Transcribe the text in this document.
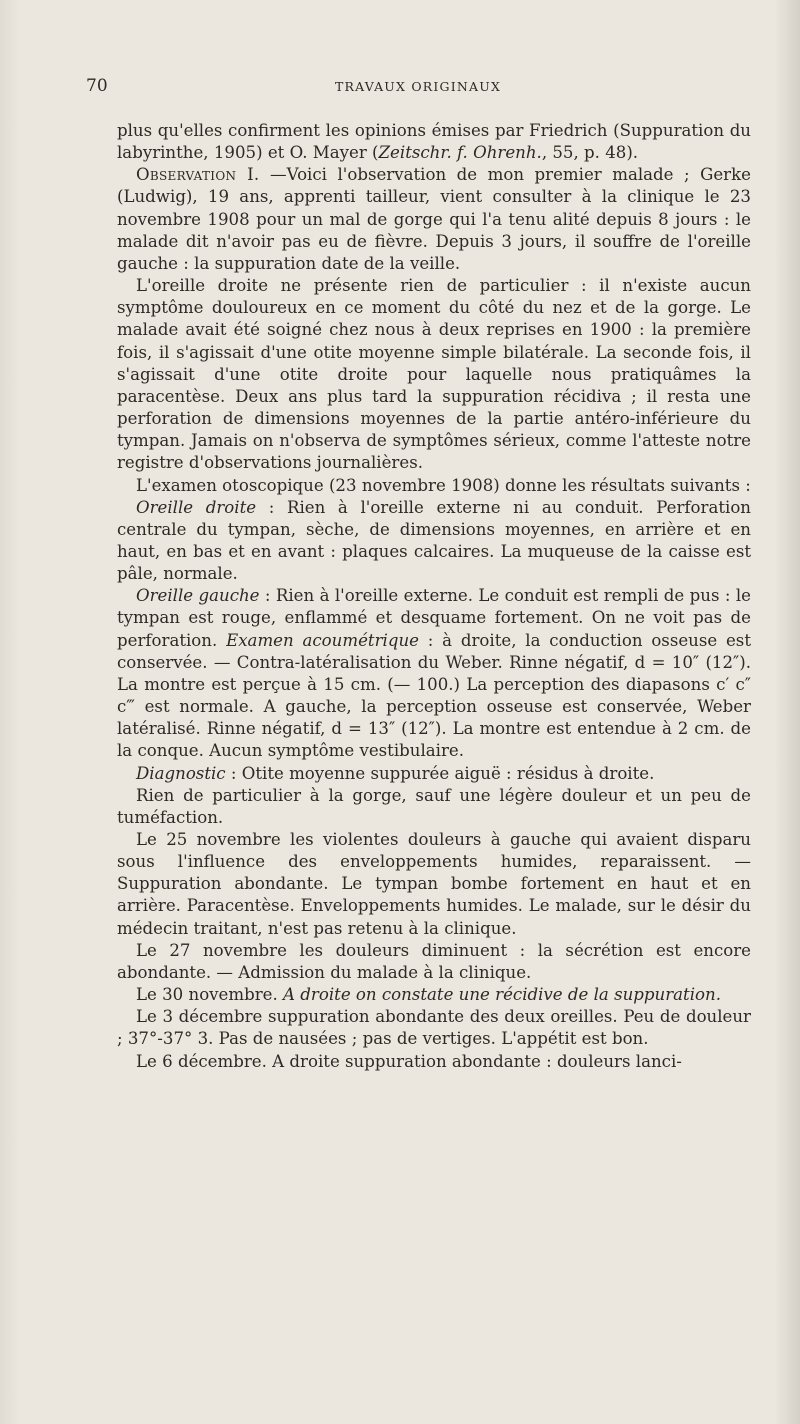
70	TRAVAUX ORIGINAUX

plus qu'elles confirment les opinions émises par Friedrich (Suppuration du labyrinthe, 1905) et O. Mayer (Zeitschr. f. Ohrenh., 55, p. 48).

Observation I. —Voici l'observation de mon premier malade ; Gerke (Ludwig), 19 ans, apprenti tailleur, vient consulter à la clinique le 23 novembre 1908 pour un mal de gorge qui l'a tenu alité depuis 8 jours : le malade dit n'avoir pas eu de fièvre. Depuis 3 jours, il souffre de l'oreille gauche : la suppuration date de la veille.

L'oreille droite ne présente rien de particulier : il n'existe aucun symptôme douloureux en ce moment du côté du nez et de la gorge. Le malade avait été soigné chez nous à deux reprises en 1900 : la première fois, il s'agissait d'une otite moyenne simple bilatérale. La seconde fois, il s'agissait d'une otite droite pour laquelle nous pratiquâmes la paracentèse. Deux ans plus tard la suppuration récidiva ; il resta une perforation de dimensions moyennes de la partie antéro-inférieure du tympan. Jamais on n'observa de symptômes sérieux, comme l'atteste notre registre d'observations journalières.

L'examen otoscopique (23 novembre 1908) donne les résultats suivants :

Oreille droite : Rien à l'oreille externe ni au conduit. Perforation centrale du tympan, sèche, de dimensions moyennes, en arrière et en haut, en bas et en avant : plaques calcaires. La muqueuse de la caisse est pâle, normale.

Oreille gauche : Rien à l'oreille externe. Le conduit est rempli de pus : le tympan est rouge, enflammé et desquame fortement. On ne voit pas de perforation. Examen acoumétrique : à droite, la conduction osseuse est conservée. — Contra-latéralisation du Weber. Rinne négatif, d = 10″ (12″). La montre est perçue à 15 cm. (— 100.) La perception des diapasons c′ c″ c‴ est normale. A gauche, la perception osseuse est conservée, Weber latéralisé. Rinne négatif, d = 13″ (12″). La montre est entendue à 2 cm. de la conque. Aucun symptôme vestibulaire.

Diagnostic : Otite moyenne suppurée aiguë : résidus à droite.

Rien de particulier à la gorge, sauf une légère douleur et un peu de tuméfaction.

Le 25 novembre les violentes douleurs à gauche qui avaient disparu sous l'influence des enveloppements humides, reparaissent. — Suppuration abondante. Le tympan bombe fortement en haut et en arrière. Paracentèse. Enveloppements humides. Le malade, sur le désir du médecin traitant, n'est pas retenu à la clinique.

Le 27 novembre les douleurs diminuent : la sécrétion est encore abondante. — Admission du malade à la clinique.

Le 30 novembre. A droite on constate une récidive de la suppuration.

Le 3 décembre suppuration abondante des deux oreilles. Peu de douleur ; 37°-37° 3. Pas de nausées ; pas de vertiges. L'appétit est bon.

Le 6 décembre. A droite suppuration abondante : douleurs lanci-
